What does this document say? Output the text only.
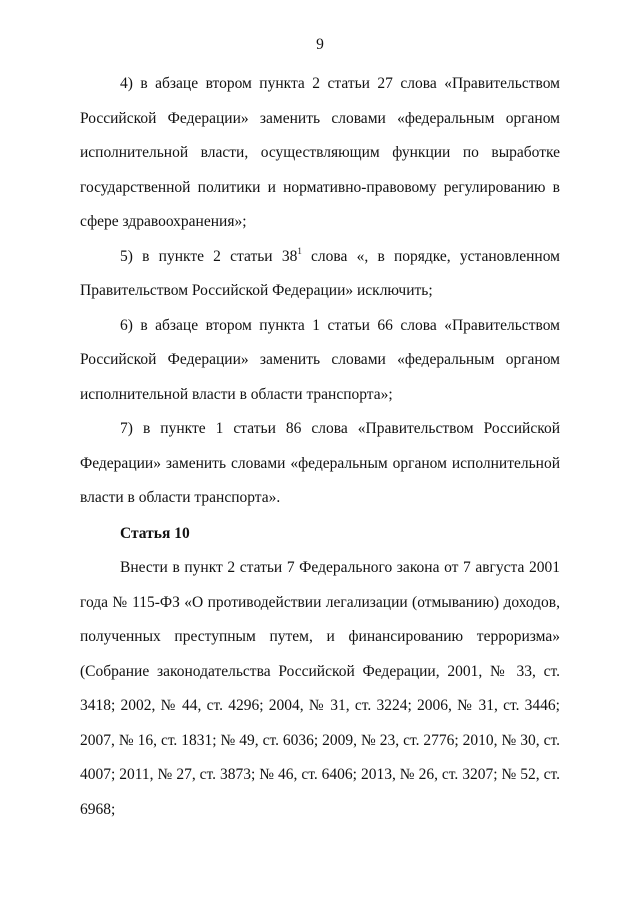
9

4) в абзаце втором пункта 2 статьи 27 слова «Правительством Российской Федерации» заменить словами «федеральным органом исполнительной власти, осуществляющим функции по выработке государственной политики и нормативно-правовому регулированию в сфере здравоохранения»;

5) в пункте 2 статьи $38^1$ слова «, в порядке, установленном Правительством Российской Федерации» исключить;

6) в абзаце втором пункта 1 статьи 66 слова «Правительством Российской Федерации» заменить словами «федеральным органом исполнительной власти в области транспорта»;

7) в пункте 1 статьи 86 слова «Правительством Российской Федерации» заменить словами «федеральным органом исполнительной власти в области транспорта».

Статья 10

Внести в пункт 2 статьи 7 Федерального закона от 7 августа 2001 года № 115-ФЗ «О противодействии легализации (отмыванию) доходов, полученных преступным путем, и финансированию терроризма» (Собрание законодательства Российской Федерации, 2001, № 33, ст. 3418; 2002, № 44, ст. 4296; 2004, № 31, ст. 3224; 2006, № 31, ст. 3446; 2007, № 16, ст. 1831; № 49, ст. 6036; 2009, № 23, ст. 2776; 2010, № 30, ст. 4007; 2011, № 27, ст. 3873; № 46, ст. 6406; 2013, № 26, ст. 3207; № 52, ст. 6968;
